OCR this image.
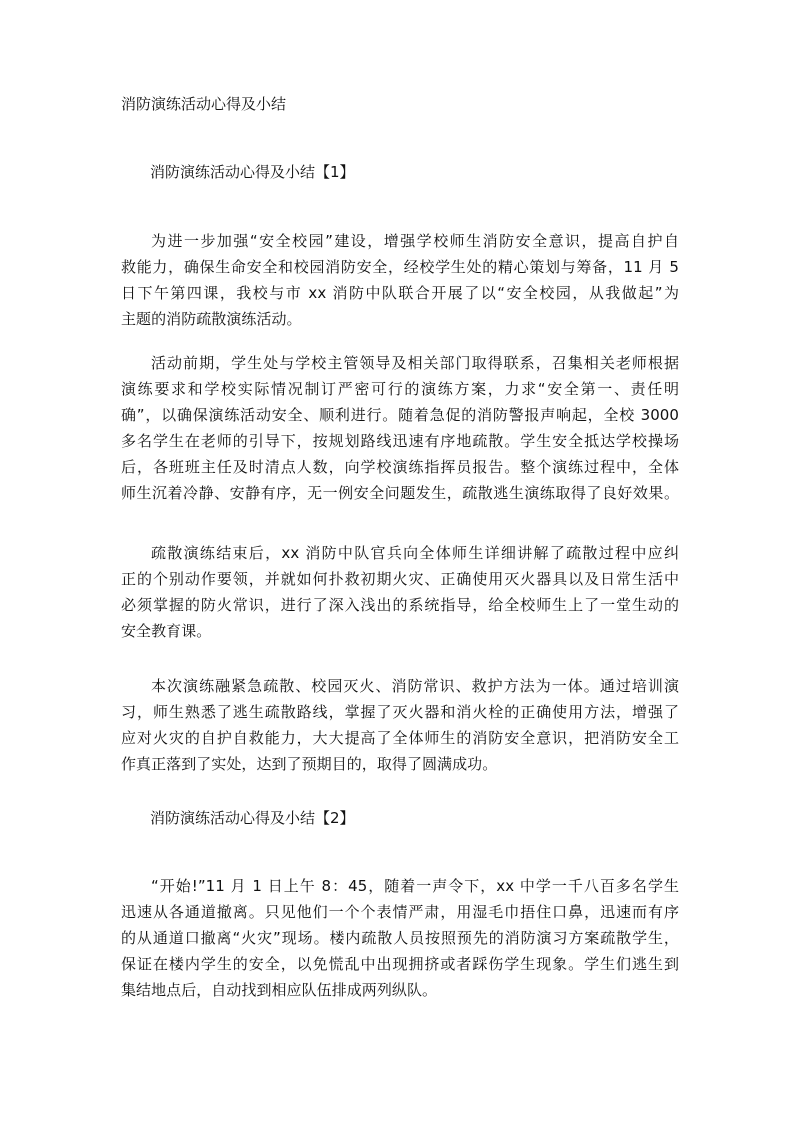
消防演练活动心得及小结
消防演练活动心得及小结【1】
为进一步加强“安全校园”建设，增强学校师生消防安全意识，提高自护自
救能力，确保生命安全和校园消防安全，经校学生处的精心策划与筹备，11 月 5
日下午第四课，我校与市 xx 消防中队联合开展了以“安全校园，从我做起”为
主题的消防疏散演练活动。
活动前期，学生处与学校主管领导及相关部门取得联系，召集相关老师根据
演练要求和学校实际情况制订严密可行的演练方案，力求“安全第一、责任明
确”，以确保演练活动安全、顺利进行。随着急促的消防警报声响起，全校 3000
多名学生在老师的引导下，按规划路线迅速有序地疏散。学生安全抵达学校操场
后，各班班主任及时清点人数，向学校演练指挥员报告。整个演练过程中，全体
师生沉着冷静、安静有序，无一例安全问题发生，疏散逃生演练取得了良好效果。
疏散演练结束后，xx 消防中队官兵向全体师生详细讲解了疏散过程中应纠
正的个别动作要领，并就如何扑救初期火灾、正确使用灭火器具以及日常生活中
必须掌握的防火常识，进行了深入浅出的系统指导，给全校师生上了一堂生动的
安全教育课。
本次演练融紧急疏散、校园灭火、消防常识、救护方法为一体。通过培训演
习，师生熟悉了逃生疏散路线，掌握了灭火器和消火栓的正确使用方法，增强了
应对火灾的自护自救能力，大大提高了全体师生的消防安全意识，把消防安全工
作真正落到了实处，达到了预期目的，取得了圆满成功。
消防演练活动心得及小结【2】
“开始!”11 月 1 日上午 8：45，随着一声令下，xx 中学一千八百多名学生
迅速从各通道撤离。只见他们一个个表情严肃，用湿毛巾捂住口鼻，迅速而有序
的从通道口撤离“火灾”现场。楼内疏散人员按照预先的消防演习方案疏散学生，
保证在楼内学生的安全，以免慌乱中出现拥挤或者踩伤学生现象。学生们逃生到
集结地点后，自动找到相应队伍排成两列纵队。
